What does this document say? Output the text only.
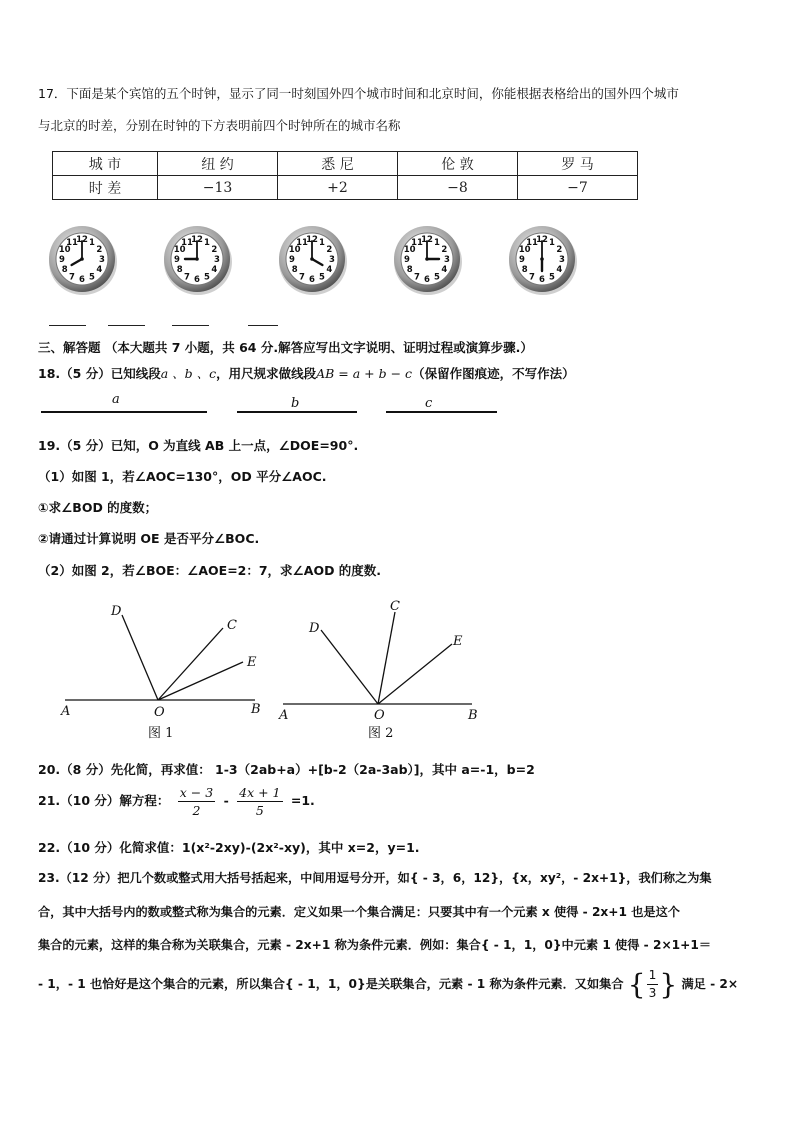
17．下面是某个宾馆的五个时钟，显示了同一时刻国外四个城市时间和北京时间，你能根据表格给出的国外四个城市
与北京的时差，分别在时钟的下方表明前四个时钟所在的城市名称
城 市	纽 约	悉 尼	伦 敦	罗 马
时 差	−13	+2	−8	−7
1
2
3
4
5
6
7
8
9
10
11
12	1
2
3
4
5
6
7
8
9
10
11
12	1
2
3
4
5
6
7
8
9
10
11
12	1
2
3
4
5
6
7
8
9
10
11
12	1
2
3
4
5
6
7
8
9
10
11
12
三、解答题 （本大题共 7 小题，共 64 分.解答应写出文字说明、证明过程或演算步骤.）
18.（5 分）已知线段a 、b 、c，用尺规求做线段AB = a + b − c（保留作图痕迹，不写作法）
a	b	c
19.（5 分）已知，O 为直线 AB 上一点，∠DOE=90°.
（1）如图 1，若∠AOC=130°，OD 平分∠AOC.
①求∠BOD 的度数；
②请通过计算说明 OE 是否平分∠BOC.
（2）如图 2，若∠BOE：∠AOE=2：7，求∠AOD 的度数.
D
C
E
A	O	B
图 1
D
C
E
A	O	B
图 2
20.（8 分）先化简，再求值： 1-3（2ab+a）+[b-2（2a-3ab）]，其中 a=-1，b=2
21.（10 分）解方程： $\frac{x - 3}{2} - \frac{4x + 1}{5} =1$.
22.（10 分）化简求值：1(x²-2xy)-(2x²-xy)，其中 x=2，y=1.
23.（12 分）把几个数或整式用大括号括起来，中间用逗号分开，如{ - 3，6，12}，{x，xy²，- 2x+1}，我们称之为集
合，其中大括号内的数或整式称为集合的元素．定义如果一个集合满足：只要其中有一个元素 x 使得 - 2x+1 也是这个
集合的元素，这样的集合称为关联集合，元素 - 2x+1 称为条件元素．例如：集合{ - 1，1，0}中元素 1 使得 - 2×1+1＝
- 1，- 1 也恰好是这个集合的元素，所以集合{ - 1，1，0}是关联集合，元素 - 1 称为条件元素．又如集合 { $\frac{1}{3}$ } 满足 - 2×
